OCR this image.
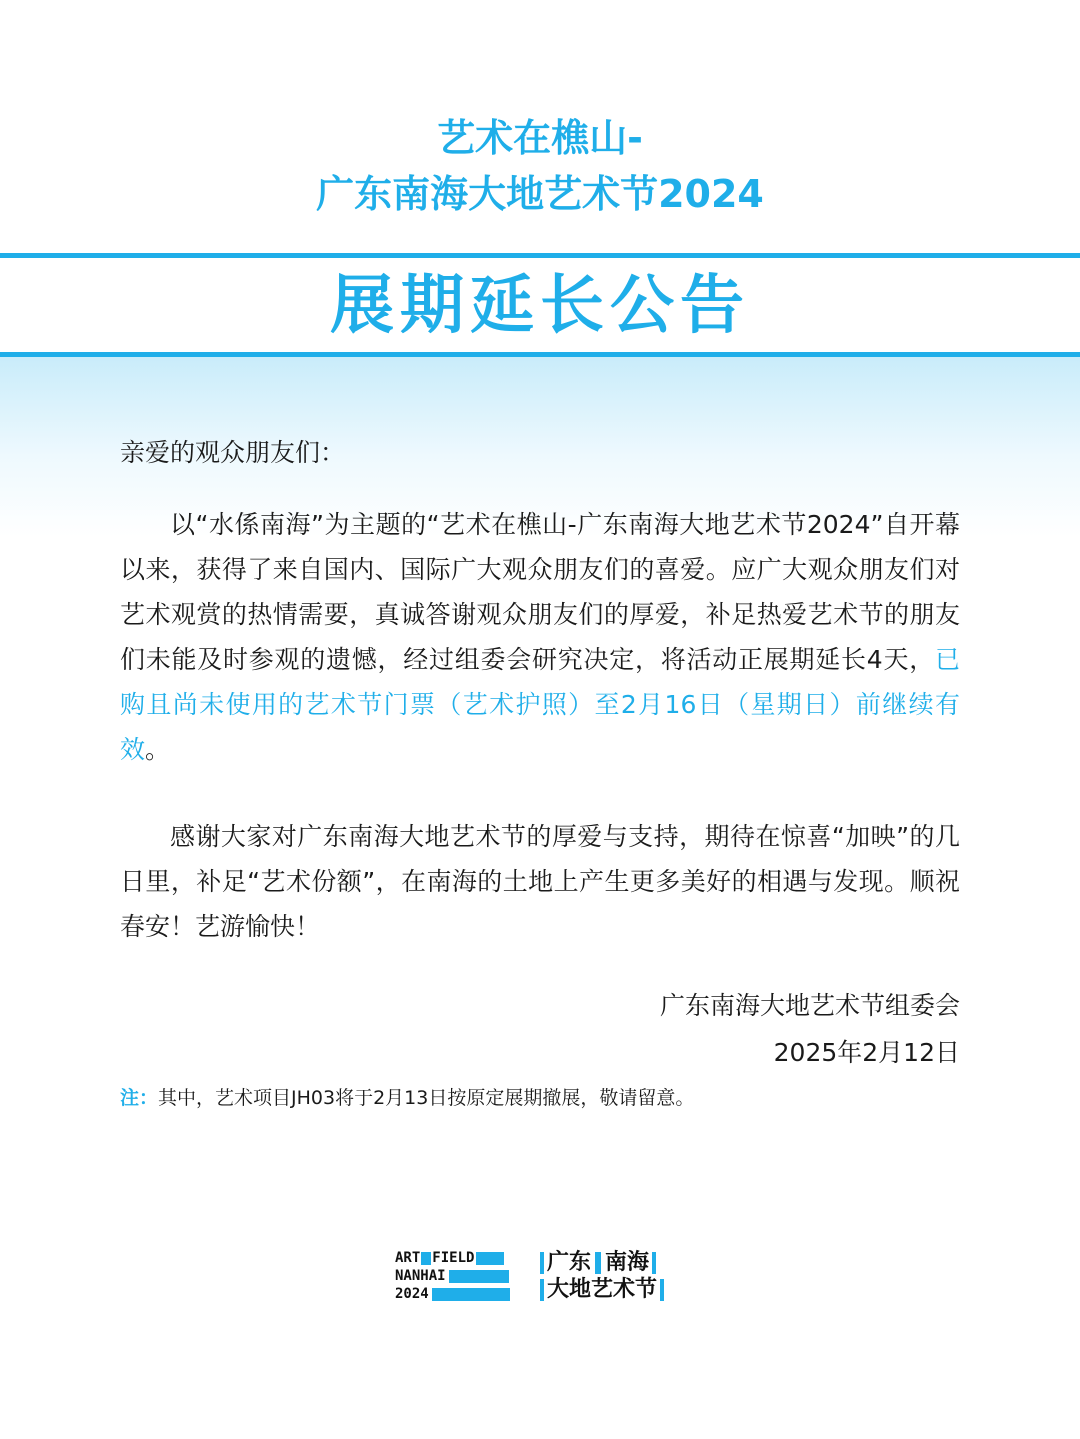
艺术在樵山-
广东南海大地艺术节2024
展期延长公告
亲爱的观众朋友们：
以“水係南海”为主题的“艺术在樵山-广东南海大地艺术节2024”自开幕以来，获得了来自国内、国际广大观众朋友们的喜爱。应广大观众朋友们对艺术观赏的热情需要，真诚答谢观众朋友们的厚爱，补足热爱艺术节的朋友们未能及时参观的遗憾，经过组委会研究决定，将活动正展期延长4天，已购且尚未使用的艺术节门票（艺术护照）至2月16日（星期日）前继续有效。
感谢大家对广东南海大地艺术节的厚爱与支持，期待在惊喜“加映”的几日里，补足“艺术份额”，在南海的土地上产生更多美好的相遇与发现。顺祝春安！艺游愉快！
广东南海大地艺术节组委会
2025年2月12日
注：其中，艺术项目JH03将于2月13日按原定展期撤展，敬请留意。
ART FIELD
NANHAI
2024
广东 南海
大地艺术节
